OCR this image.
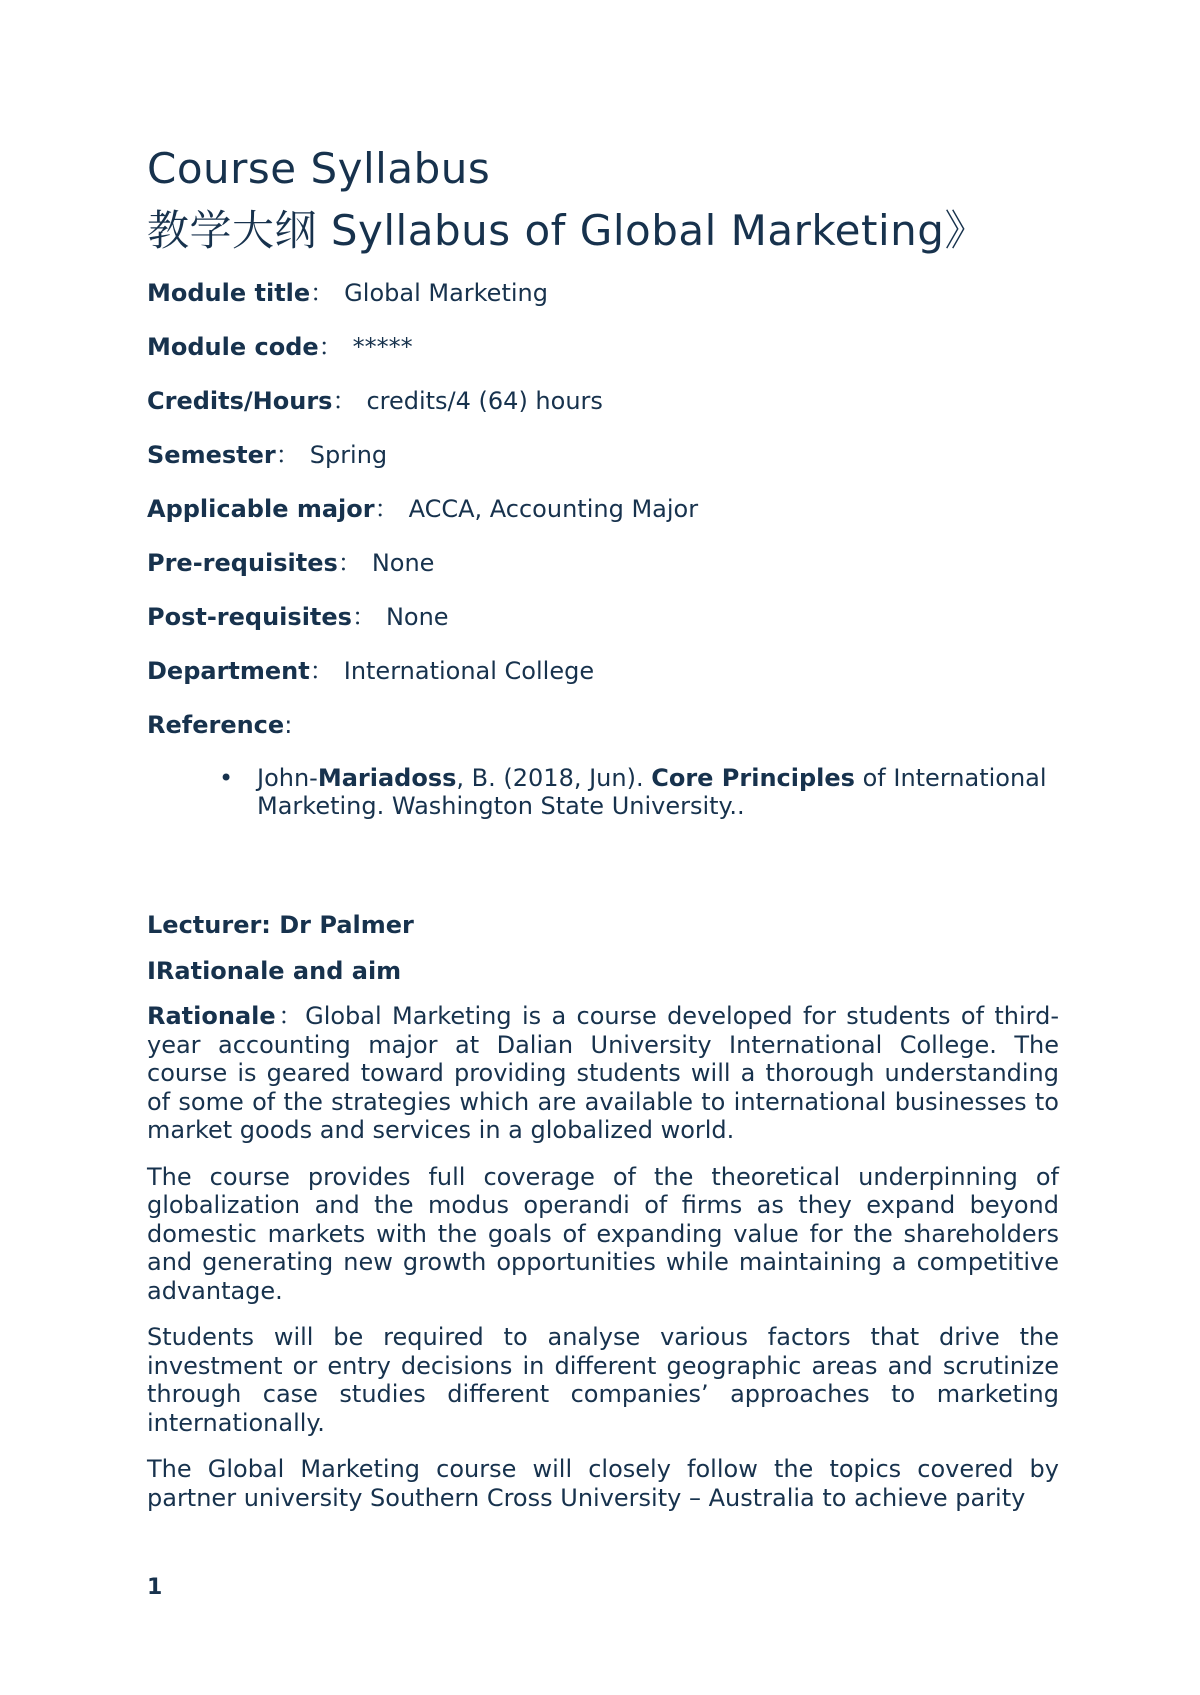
Course Syllabus
教学大纲 Syllabus of Global Marketing》

Module title： Global Marketing

Module code： *****

Credits/Hours： credits/4 (64) hours

Semester： Spring

Applicable major： ACCA, Accounting Major

Pre-requisites： None

Post-requisites： None

Department： International College

Reference:

• John-Mariadoss, B. (2018, Jun). Core Principles of International Marketing. Washington State University..

Lecturer: Dr Palmer

IRationale and aim

Rationale：Global Marketing is a course developed for students of third-year accounting major at Dalian University International College. The course is geared toward providing students will a thorough understanding of some of the strategies which are available to international businesses to market goods and services in a globalized world.

The course provides full coverage of the theoretical underpinning of globalization and the modus operandi of firms as they expand beyond domestic markets with the goals of expanding value for the shareholders and generating new growth opportunities while maintaining a competitive advantage.

Students will be required to analyse various factors that drive the investment or entry decisions in different geographic areas and scrutinize through case studies different companies’ approaches to marketing internationally.

The Global Marketing course will closely follow the topics covered by partner university Southern Cross University – Australia to achieve parity

1
